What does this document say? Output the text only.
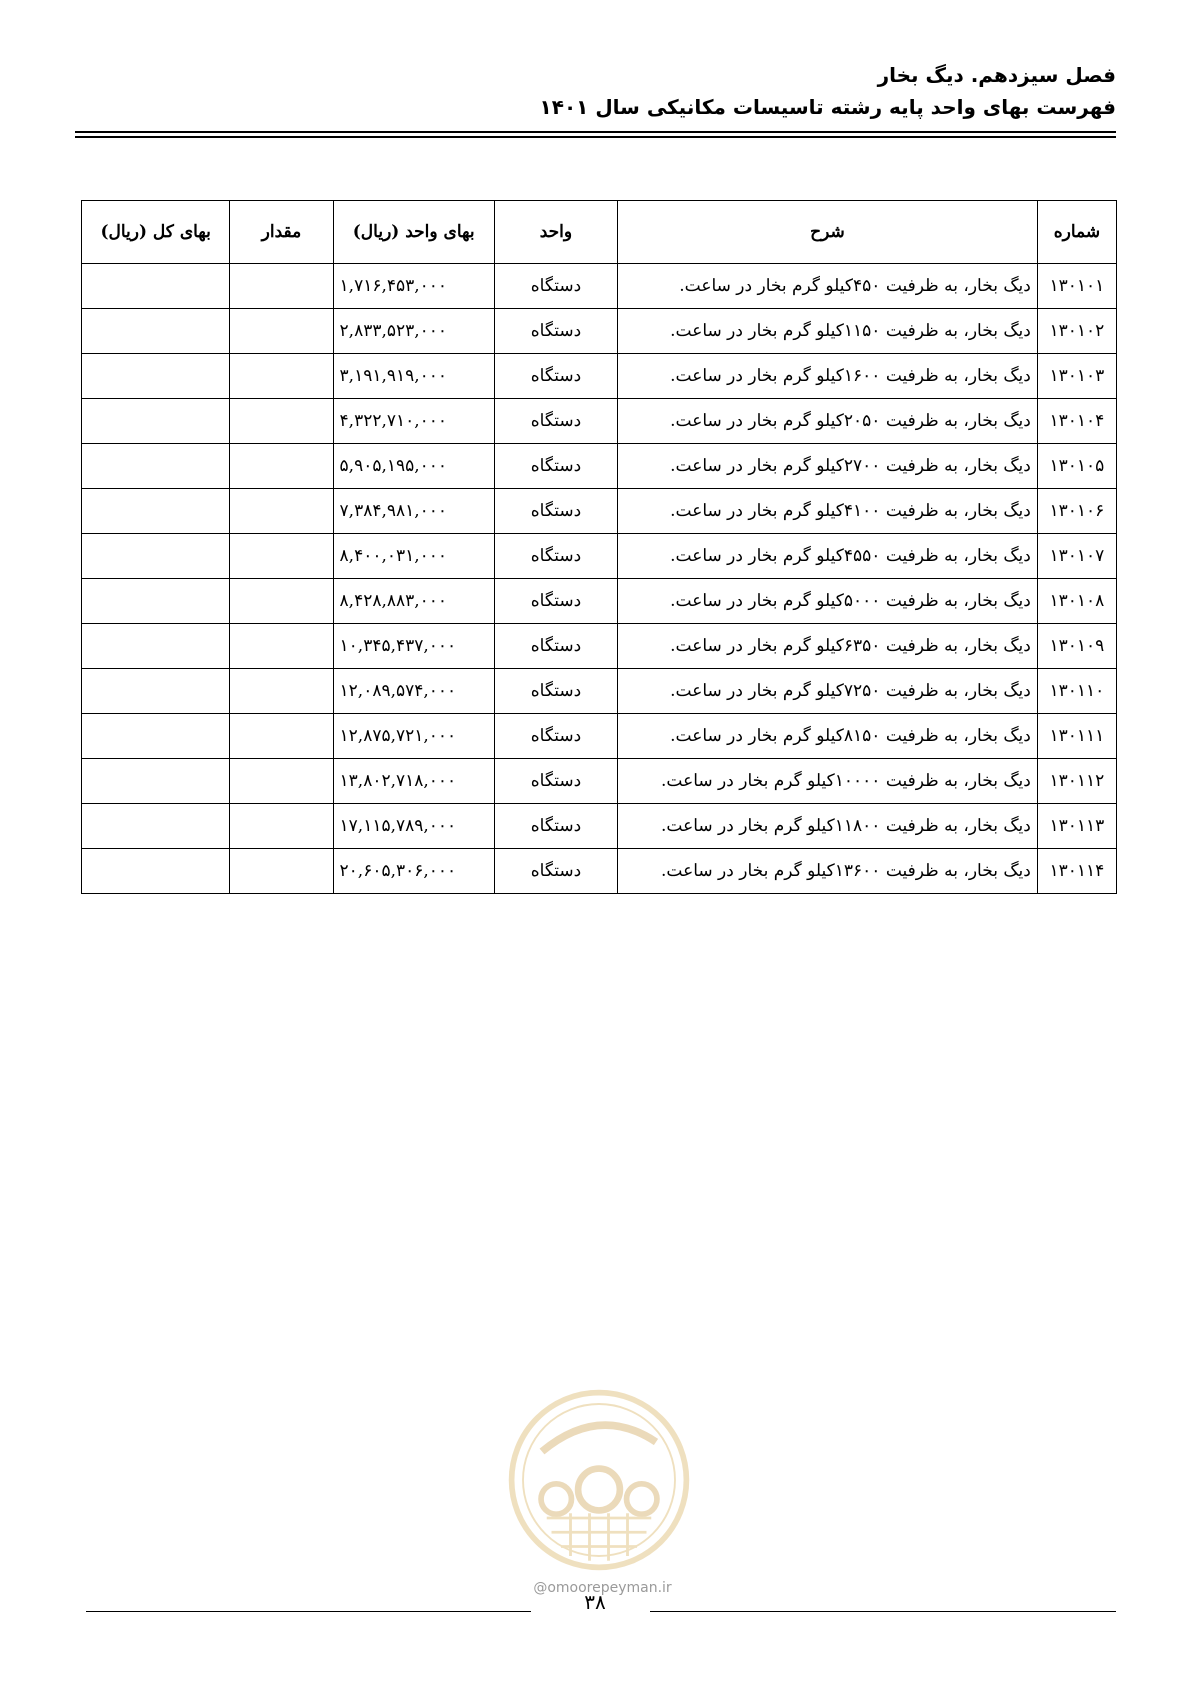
فصل سیزدهم. دیگ بخار
فهرست بهای واحد پایه رشته تاسیسات مکانیکی سال ۱۴۰۱
شماره	شرح	واحد	بهای واحد (ریال)	مقدار	بهای کل (ریال)
۱۳۰۱۰۱	دیگ بخار، به ظرفیت ۴۵۰کیلو گرم بخار در ساعت.	دستگاه	۱,۷۱۶,۴۵۳,۰۰۰		
۱۳۰۱۰۲	دیگ بخار، به ظرفیت ۱۱۵۰کیلو گرم بخار در ساعت.	دستگاه	۲,۸۳۳,۵۲۳,۰۰۰		
۱۳۰۱۰۳	دیگ بخار، به ظرفیت ۱۶۰۰کیلو گرم بخار در ساعت.	دستگاه	۳,۱۹۱,۹۱۹,۰۰۰		
۱۳۰۱۰۴	دیگ بخار، به ظرفیت ۲۰۵۰کیلو گرم بخار در ساعت.	دستگاه	۴,۳۲۲,۷۱۰,۰۰۰		
۱۳۰۱۰۵	دیگ بخار، به ظرفیت ۲۷۰۰کیلو گرم بخار در ساعت.	دستگاه	۵,۹۰۵,۱۹۵,۰۰۰		
۱۳۰۱۰۶	دیگ بخار، به ظرفیت ۴۱۰۰کیلو گرم بخار در ساعت.	دستگاه	۷,۳۸۴,۹۸۱,۰۰۰		
۱۳۰۱۰۷	دیگ بخار، به ظرفیت ۴۵۵۰کیلو گرم بخار در ساعت.	دستگاه	۸,۴۰۰,۰۳۱,۰۰۰		
۱۳۰۱۰۸	دیگ بخار، به ظرفیت ۵۰۰۰کیلو گرم بخار در ساعت.	دستگاه	۸,۴۲۸,۸۸۳,۰۰۰		
۱۳۰۱۰۹	دیگ بخار، به ظرفیت ۶۳۵۰کیلو گرم بخار در ساعت.	دستگاه	۱۰,۳۴۵,۴۳۷,۰۰۰		
۱۳۰۱۱۰	دیگ بخار، به ظرفیت ۷۲۵۰کیلو گرم بخار در ساعت.	دستگاه	۱۲,۰۸۹,۵۷۴,۰۰۰		
۱۳۰۱۱۱	دیگ بخار، به ظرفیت ۸۱۵۰کیلو گرم بخار در ساعت.	دستگاه	۱۲,۸۷۵,۷۲۱,۰۰۰		
۱۳۰۱۱۲	دیگ بخار، به ظرفیت ۱۰۰۰۰کیلو گرم بخار در ساعت.	دستگاه	۱۳,۸۰۲,۷۱۸,۰۰۰		
۱۳۰۱۱۳	دیگ بخار، به ظرفیت ۱۱۸۰۰کیلو گرم بخار در ساعت.	دستگاه	۱۷,۱۱۵,۷۸۹,۰۰۰		
۱۳۰۱۱۴	دیگ بخار، به ظرفیت ۱۳۶۰۰کیلو گرم بخار در ساعت.	دستگاه	۲۰,۶۰۵,۳۰۶,۰۰۰		
@omoorepeyman.ir
۳۸
